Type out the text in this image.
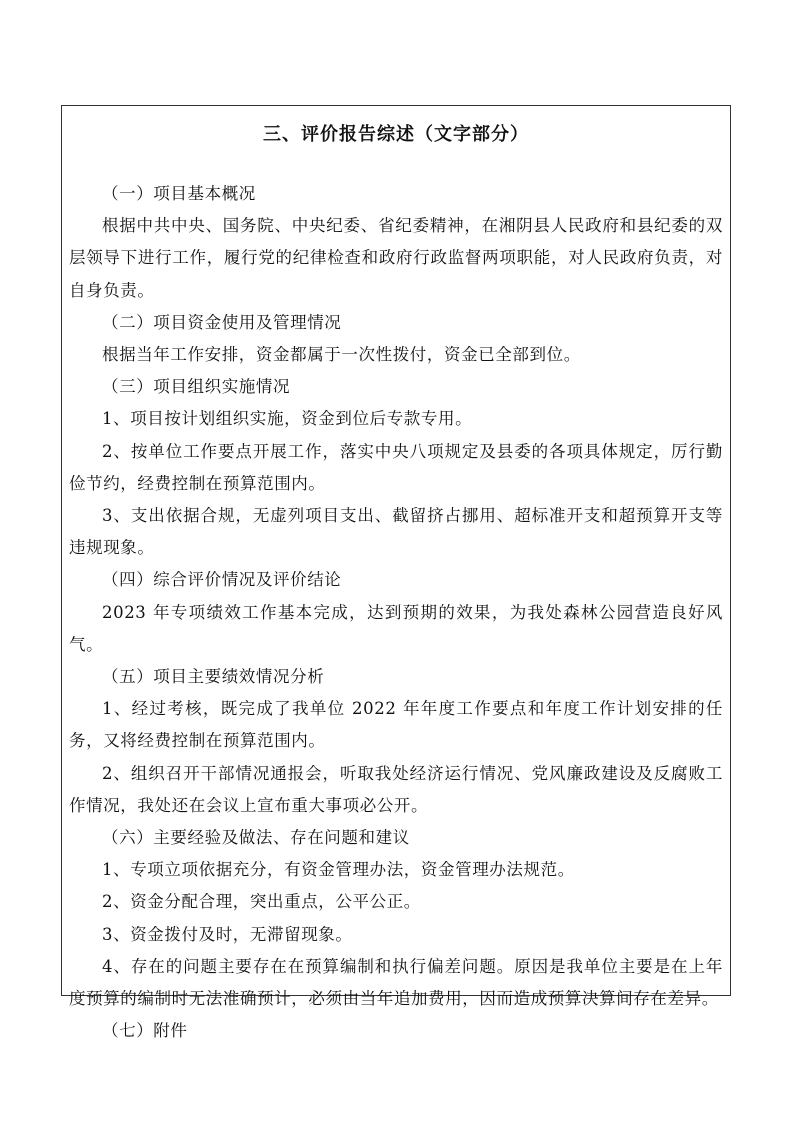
三、评价报告综述（文字部分）

（一）项目基本概况

根据中共中央、国务院、中央纪委、省纪委精神，在湘阴县人民政府和县纪委的双层领导下进行工作，履行党的纪律检查和政府行政监督两项职能，对人民政府负责，对自身负责。

（二）项目资金使用及管理情况

根据当年工作安排，资金都属于一次性拨付，资金已全部到位。

（三）项目组织实施情况

1、项目按计划组织实施，资金到位后专款专用。

2、按单位工作要点开展工作，落实中央八项规定及县委的各项具体规定，厉行勤俭节约，经费控制在预算范围内。

3、支出依据合规，无虚列项目支出、截留挤占挪用、超标准开支和超预算开支等违规现象。

（四）综合评价情况及评价结论

2023 年专项绩效工作基本完成，达到预期的效果，为我处森林公园营造良好风气。

（五）项目主要绩效情况分析

1、经过考核，既完成了我单位 2022 年年度工作要点和年度工作计划安排的任务，又将经费控制在预算范围内。

2、组织召开干部情况通报会，听取我处经济运行情况、党风廉政建设及反腐败工作情况，我处还在会议上宣布重大事项必公开。

（六）主要经验及做法、存在问题和建议

1、专项立项依据充分，有资金管理办法，资金管理办法规范。

2、资金分配合理，突出重点，公平公正。

3、资金拨付及时，无滞留现象。

4、存在的问题主要存在在预算编制和执行偏差问题。原因是我单位主要是在上年度预算的编制时无法准确预计，必须由当年追加费用，因而造成预算决算间存在差异。

（七）附件
